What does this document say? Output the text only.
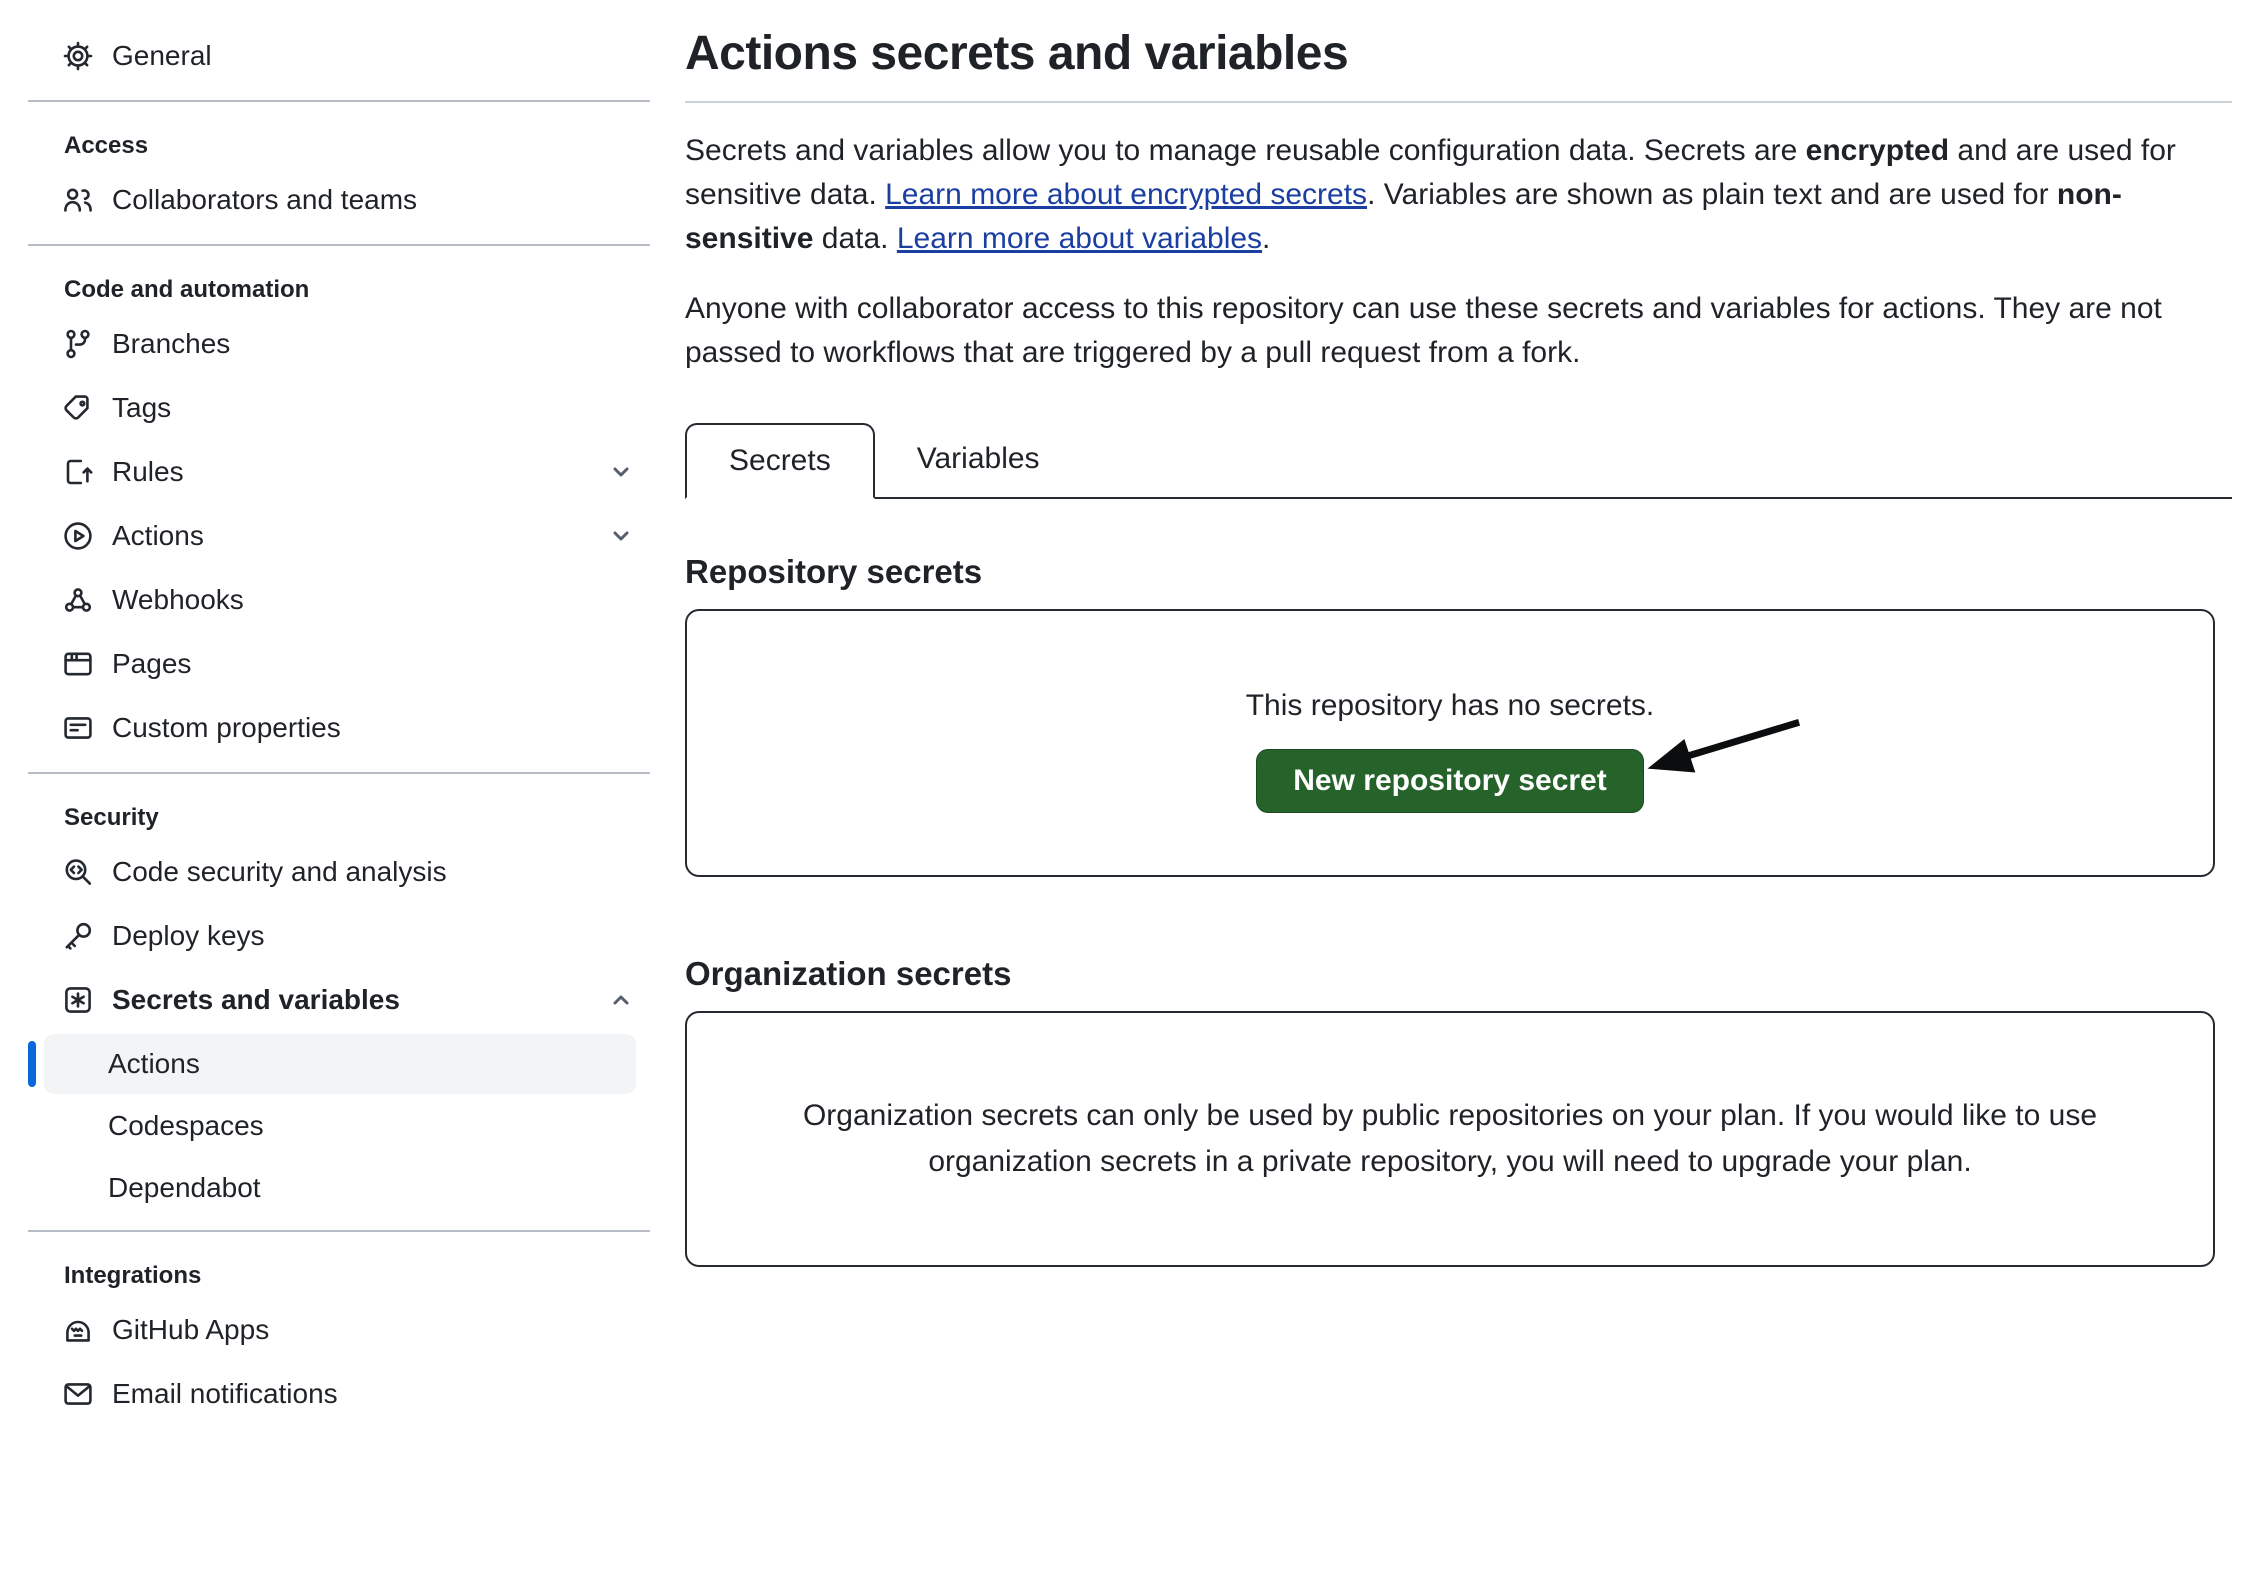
General
Access
Collaborators and teams
Code and automation
Branches
Tags
Rules
Actions
Webhooks
Pages
Custom properties
Security
Code security and analysis
Deploy keys
Secrets and variables
Actions
Codespaces
Dependabot
Integrations
GitHub Apps
Email notifications
Actions secrets and variables

Secrets and variables allow you to manage reusable configuration data. Secrets are encrypted and are used for sensitive data. Learn more about encrypted secrets. Variables are shown as plain text and are used for non-sensitive data. Learn more about variables.

Anyone with collaborator access to this repository can use these secrets and variables for actions. They are not passed to workflows that are triggered by a pull request from a fork.

Secrets	Variables
Repository secrets
This repository has no secrets.
New repository secret
Organization secrets
Organization secrets can only be used by public repositories on your plan. If you would like to use organization secrets in a private repository, you will need to upgrade your plan.
